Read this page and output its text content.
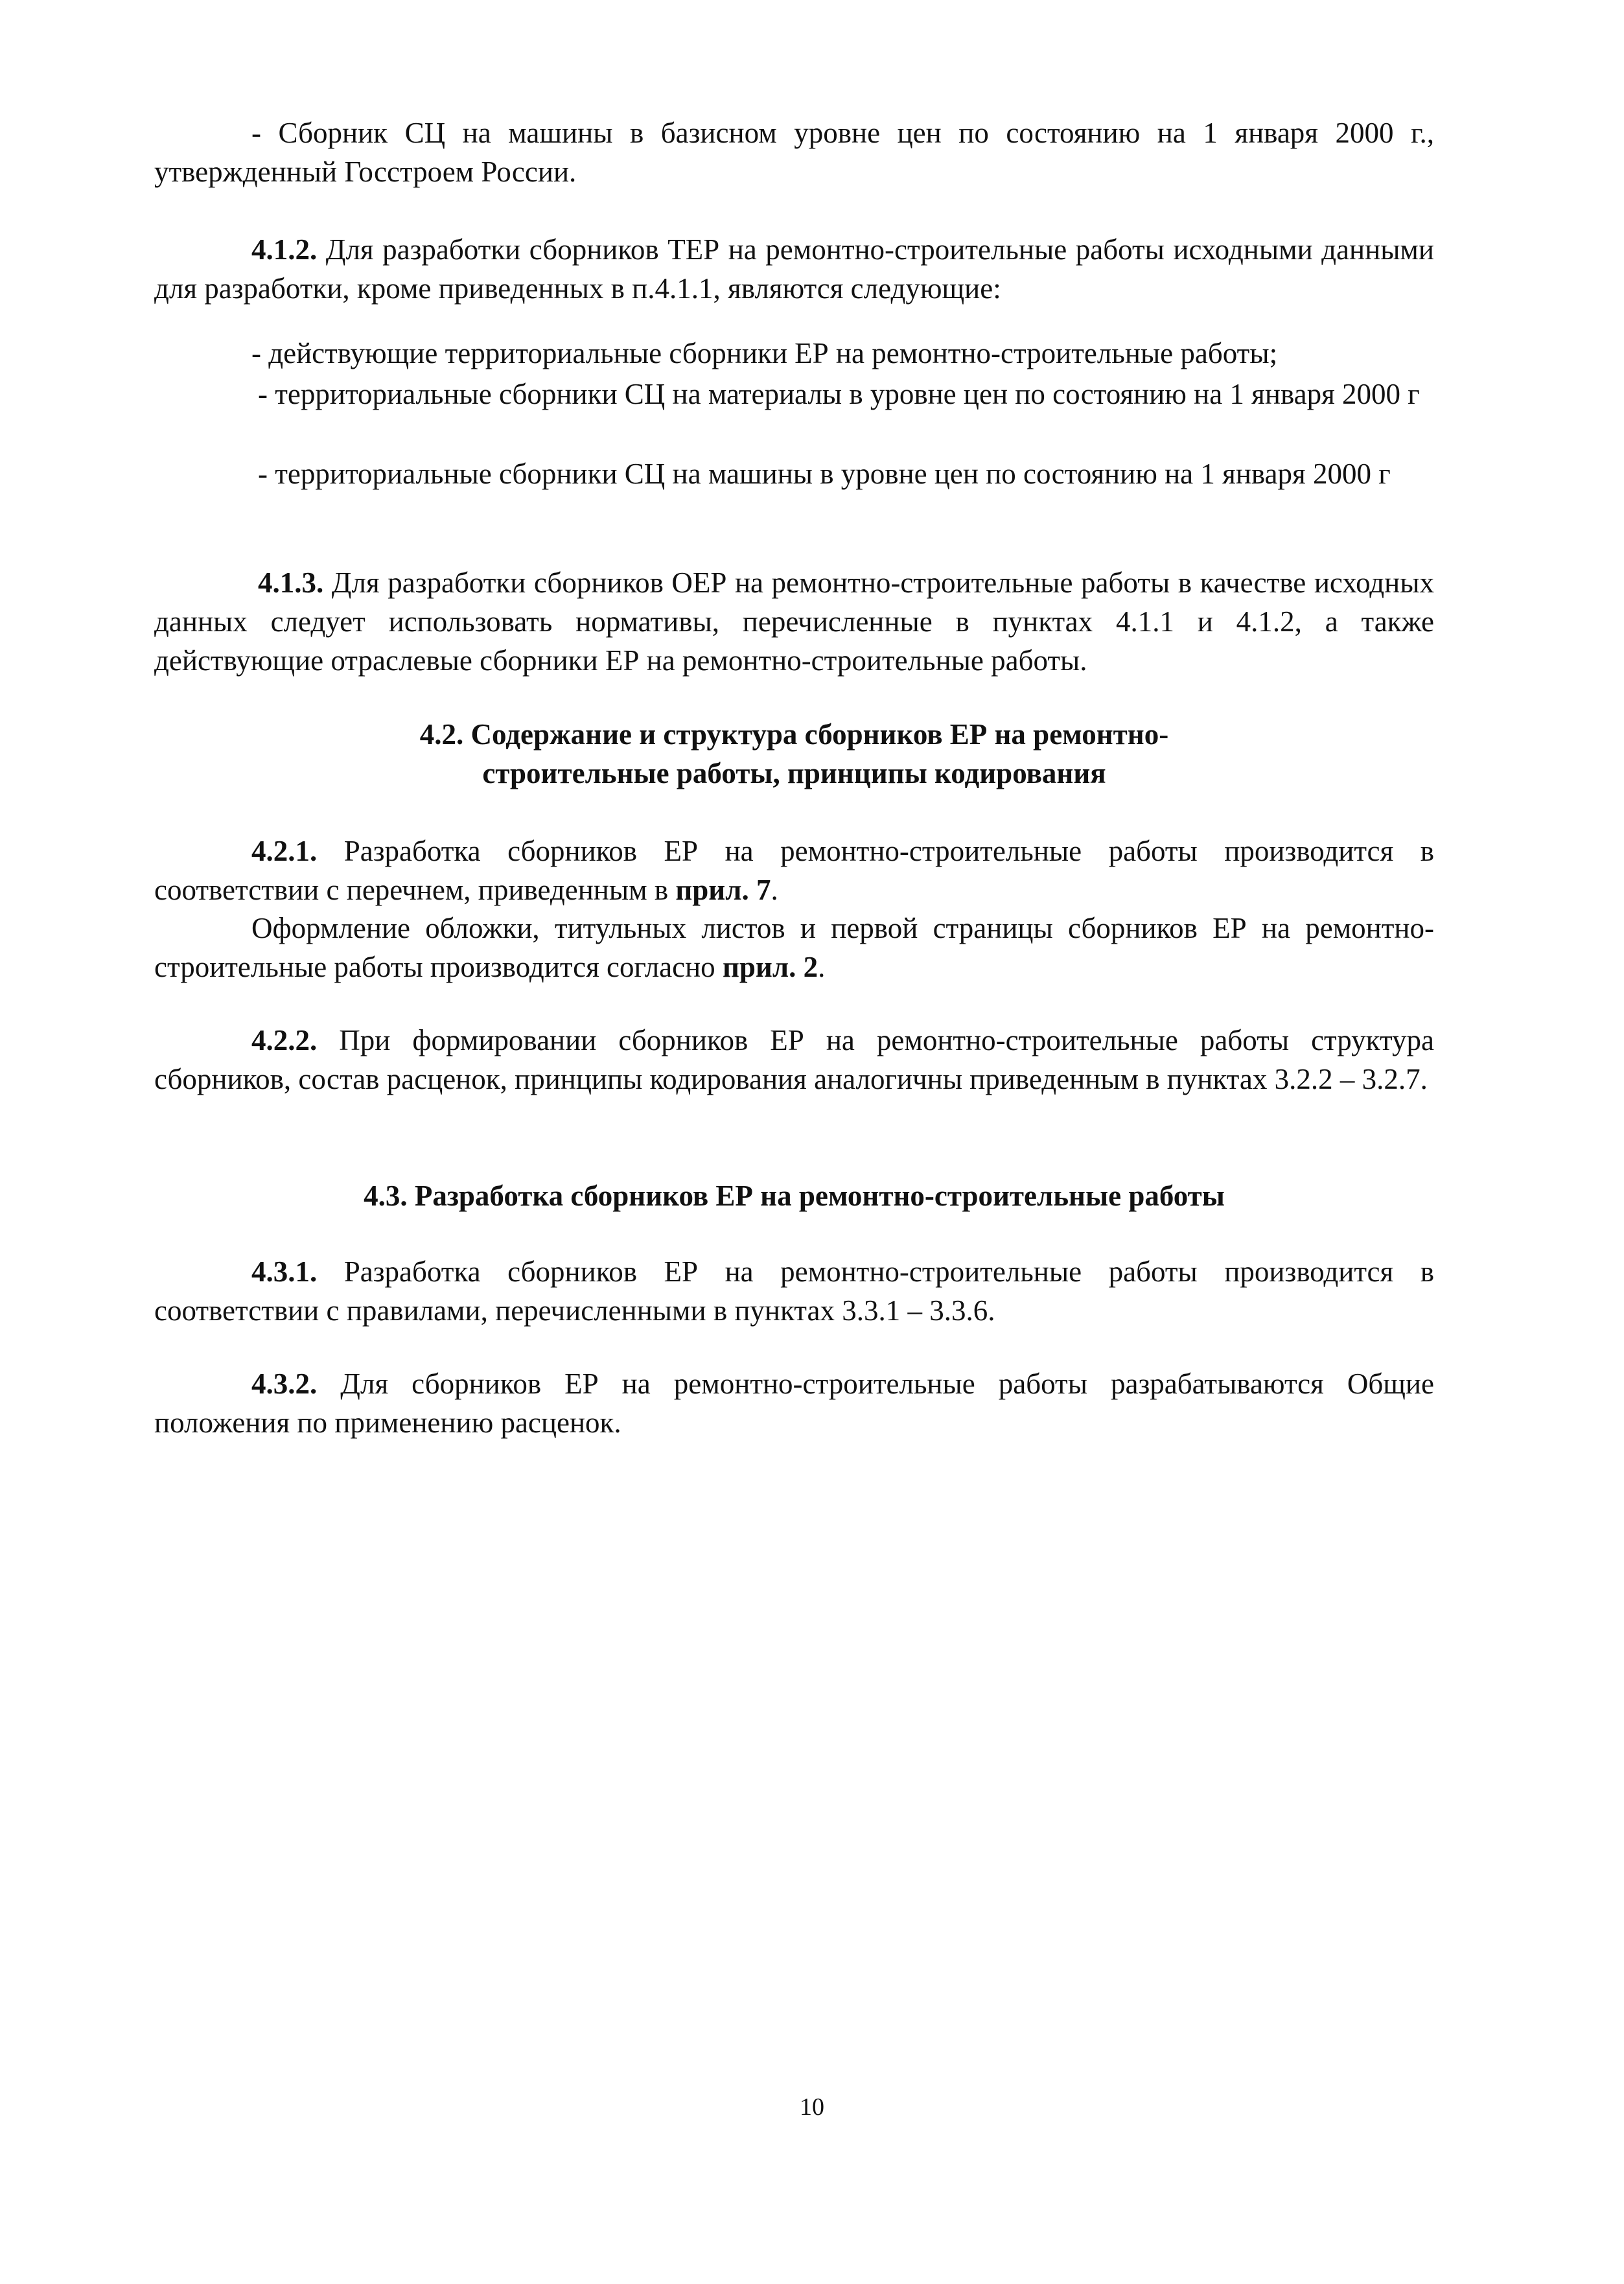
- Сборник СЦ на машины в базисном уровне цен по состоянию на 1 января 2000 г., утвержденный Госстроем России.

4.1.2. Для разработки сборников ТЕР на ремонтно-строительные работы исходными данными для разработки, кроме приведенных в п.4.1.1, являются следующие:

- действующие территориальные сборники ЕР на ремонтно-строительные работы;

- территориальные сборники СЦ на материалы в уровне цен по состоянию на 1 января 2000 г

- территориальные сборники СЦ на машины в уровне цен по состоянию на 1 января 2000 г

4.1.3. Для разработки сборников ОЕР на ремонтно-строительные работы в качестве исходных данных следует использовать нормативы, перечисленные в пунктах 4.1.1 и 4.1.2, а также действующие отраслевые сборники ЕР на ремонтно-строительные работы.

4.2. Содержание и структура сборников ЕР на ремонтно-
строительные работы, принципы кодирования

4.2.1. Разработка сборников ЕР на ремонтно-строительные работы производится в соответствии с перечнем, приведенным в прил. 7.

Оформление обложки, титульных листов и первой страницы сборников ЕР на ремонтно-строительные работы производится согласно прил. 2.

4.2.2. При формировании сборников ЕР на ремонтно-строительные работы структура сборников, состав расценок, принципы кодирования аналогичны приведенным в пунктах 3.2.2 – 3.2.7.

4.3. Разработка сборников ЕР на ремонтно-строительные работы

4.3.1. Разработка сборников ЕР на ремонтно-строительные работы производится в соответствии с правилами, перечисленными в пунктах 3.3.1 – 3.3.6.

4.3.2. Для сборников ЕР на ремонтно-строительные работы разрабатываются Общие положения по применению расценок.

10
